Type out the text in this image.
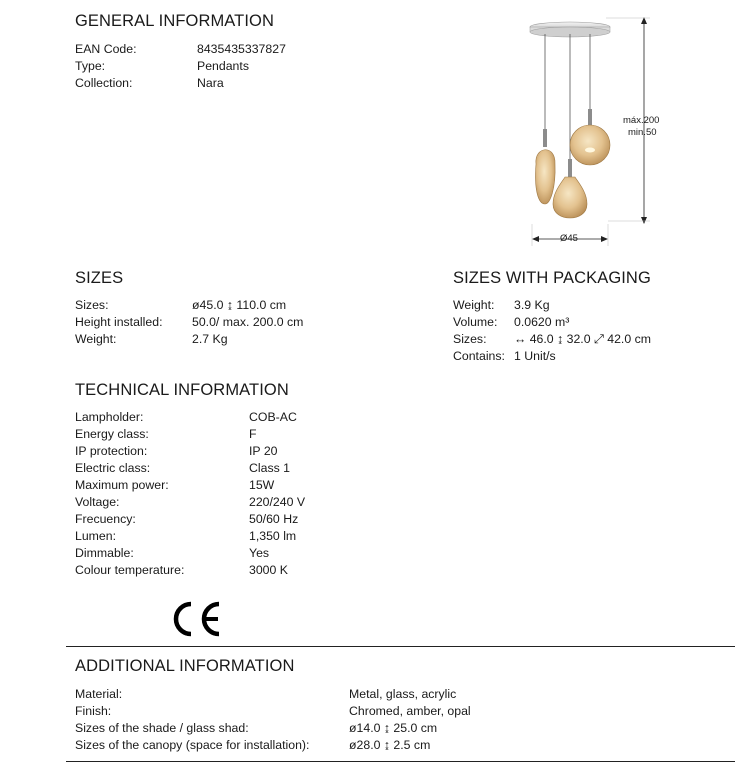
GENERAL INFORMATION
EAN Code:	8435435337827
Type:	Pendants
Collection:	Nara
máx.200
min.50
Ø45
SIZES
Sizes:	ø45.0 ↨ 110.0 cm
Height installed: 50.0/ max. 200.0 cm
Weight:	2.7 Kg
SIZES WITH PACKAGING
Weight: 3.9 Kg
Volume: 0.0620 m³
Sizes: ↔ 46.0 ↨ 32.0 ⤢ 42.0 cm
Contains: 1 Unit/s
TECHNICAL INFORMATION
Lampholder:	COB-AC
Energy class:	F
IP protection:	IP 20
Electric class:	Class 1
Maximum power:	15W
Voltage:	220/240 V
Frecuency:	50/60 Hz
Lumen:	1,350 lm
Dimmable:	Yes
Colour temperature:	3000 K
ADDITIONAL INFORMATION
Material:	Metal, glass, acrylic
Finish:	Chromed, amber, opal
Sizes of the shade / glass shad:	ø14.0 ↨ 25.0 cm
Sizes of the canopy (space for installation):	ø28.0 ↨ 2.5 cm
